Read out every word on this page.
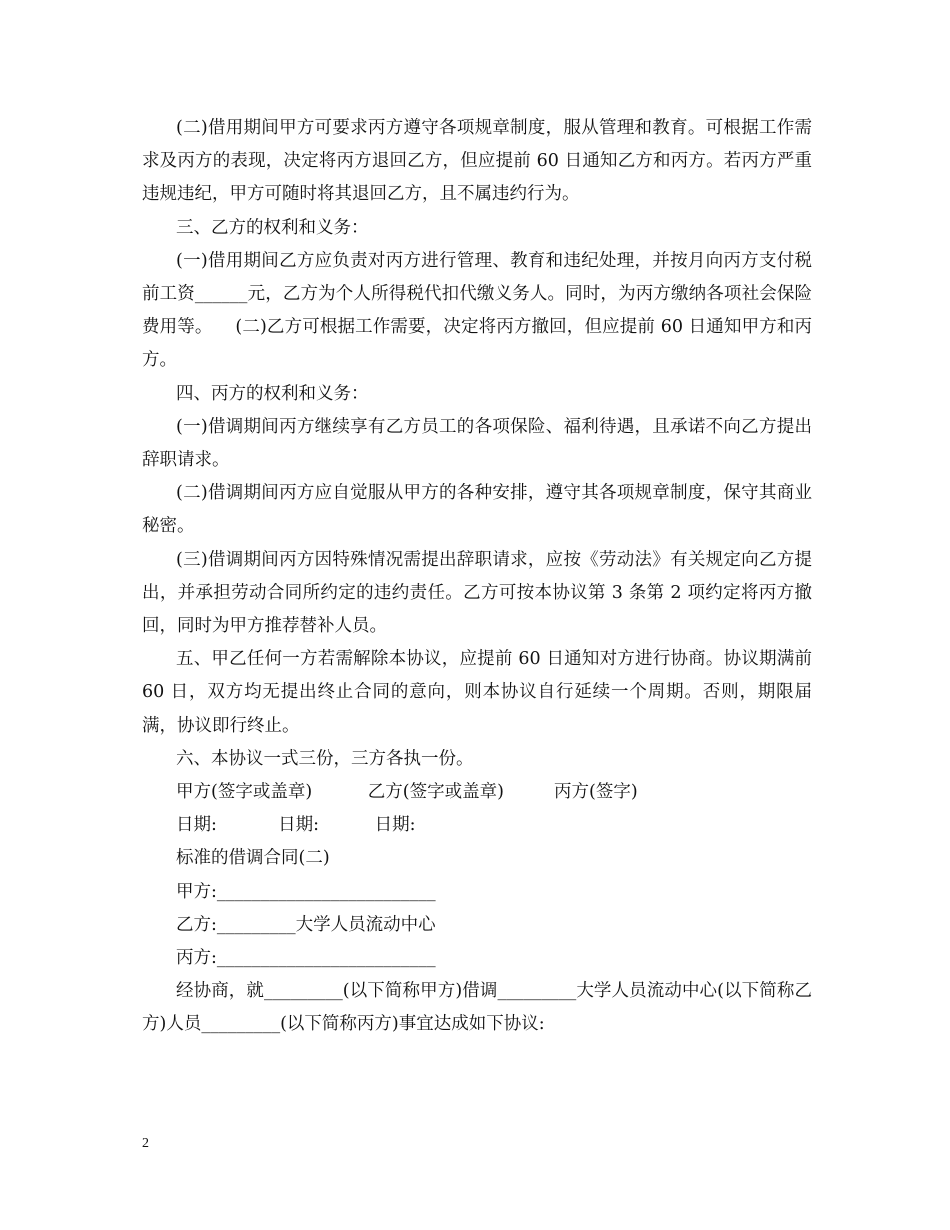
(二)借用期间甲方可要求丙方遵守各项规章制度，服从管理和教育。可根据工作需求及丙方的表现，决定将丙方退回乙方，但应提前 60 日通知乙方和丙方。若丙方严重违规违纪，甲方可随时将其退回乙方，且不属违约行为。

三、乙方的权利和义务：

(一)借用期间乙方应负责对丙方进行管理、教育和违纪处理，并按月向丙方支付税前工资______元，乙方为个人所得税代扣代缴义务人。同时，为丙方缴纳各项社会保险费用等。    (二)乙方可根据工作需要，决定将丙方撤回，但应提前 60 日通知甲方和丙方。

四、丙方的权利和义务：

(一)借调期间丙方继续享有乙方员工的各项保险、福利待遇，且承诺不向乙方提出辞职请求。

(二)借调期间丙方应自觉服从甲方的各种安排，遵守其各项规章制度，保守其商业秘密。

(三)借调期间丙方因特殊情况需提出辞职请求，应按《劳动法》有关规定向乙方提出，并承担劳动合同所约定的违约责任。乙方可按本协议第 3 条第 2 项约定将丙方撤回，同时为甲方推荐替补人员。

五、甲乙任何一方若需解除本协议，应提前 60 日通知对方进行协商。协议期满前 60 日，双方均无提出终止合同的意向，则本协议自行延续一个周期。否则，期限届满，协议即行终止。

六、本协议一式三份，三方各执一份。

甲方(签字或盖章)          乙方(签字或盖章)         丙方(签字)

日期:           日期:          日期:

标准的借调合同(二)

甲方:_________________________

乙方:_________大学人员流动中心

丙方:_________________________

经协商，就_________(以下简称甲方)借调_________大学人员流动中心(以下简称乙方)人员_________(以下简称丙方)事宜达成如下协议:

2
